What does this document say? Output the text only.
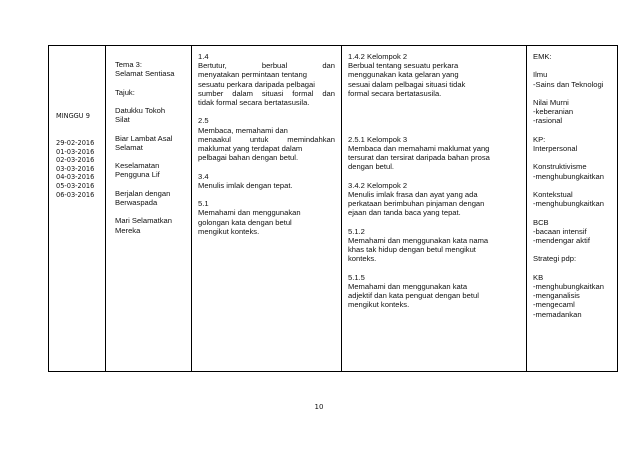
MINGGU 9
29-02-2016
01-03-2016
02-03-2016
03-03-2016
04-03-2016
05-03-2016
06-03-2016

Tema 3:
Selamat Sentiasa
Tajuk:
Datukku Tokoh
Silat
Biar Lambat Asal
Selamat
Keselamatan
Pengguna Lif
Berjalan dengan
Berwaspada
Mari Selamatkan
Mereka

1.4
Bertutur, berbual dan
menyatakan permintaan tentang
sesuatu perkara daripada pelbagai
sumber dalam situasi formal dan
tidak formal secara bertatasusila.
2.5
Membaca, memahami dan
menaakul untuk memindahkan
maklumat yang terdapat dalam
pelbagai bahan dengan betul.
3.4
Menulis imlak dengan tepat.
5.1
Memahami dan menggunakan
golongan kata dengan betul
mengikut konteks.

1.4.2 Kelompok 2
Berbual tentang sesuatu perkara
menggunakan kata gelaran yang
sesuai dalam pelbagai situasi tidak
formal secara bertatasusila.
2.5.1 Kelompok 3
Membaca dan memahami maklumat yang
tersurat dan tersirat daripada bahan prosa
dengan betul.
3.4.2 Kelompok 2
Menulis imlak frasa dan ayat yang ada
perkataan berimbuhan pinjaman dengan
ejaan dan tanda baca yang tepat.
5.1.2
Memahami dan menggunakan kata nama
khas tak hidup dengan betul mengikut
konteks.
5.1.5
Memahami dan menggunakan kata
adjektif dan kata penguat dengan betul
mengikut konteks.

EMK:
Ilmu
-Sains dan Teknologi
Nilai Murni
-keberanian
-rasional
KP:
Interpersonal
Konstruktivisme
-menghubungkaitkan
Kontekstual
-menghubungkaitkan
BCB
-bacaan intensif
-mendengar aktif
Strategi pdp:
KB
-menghubungkaitkan
-menganalisis
-mengecaml
-memadankan
10
